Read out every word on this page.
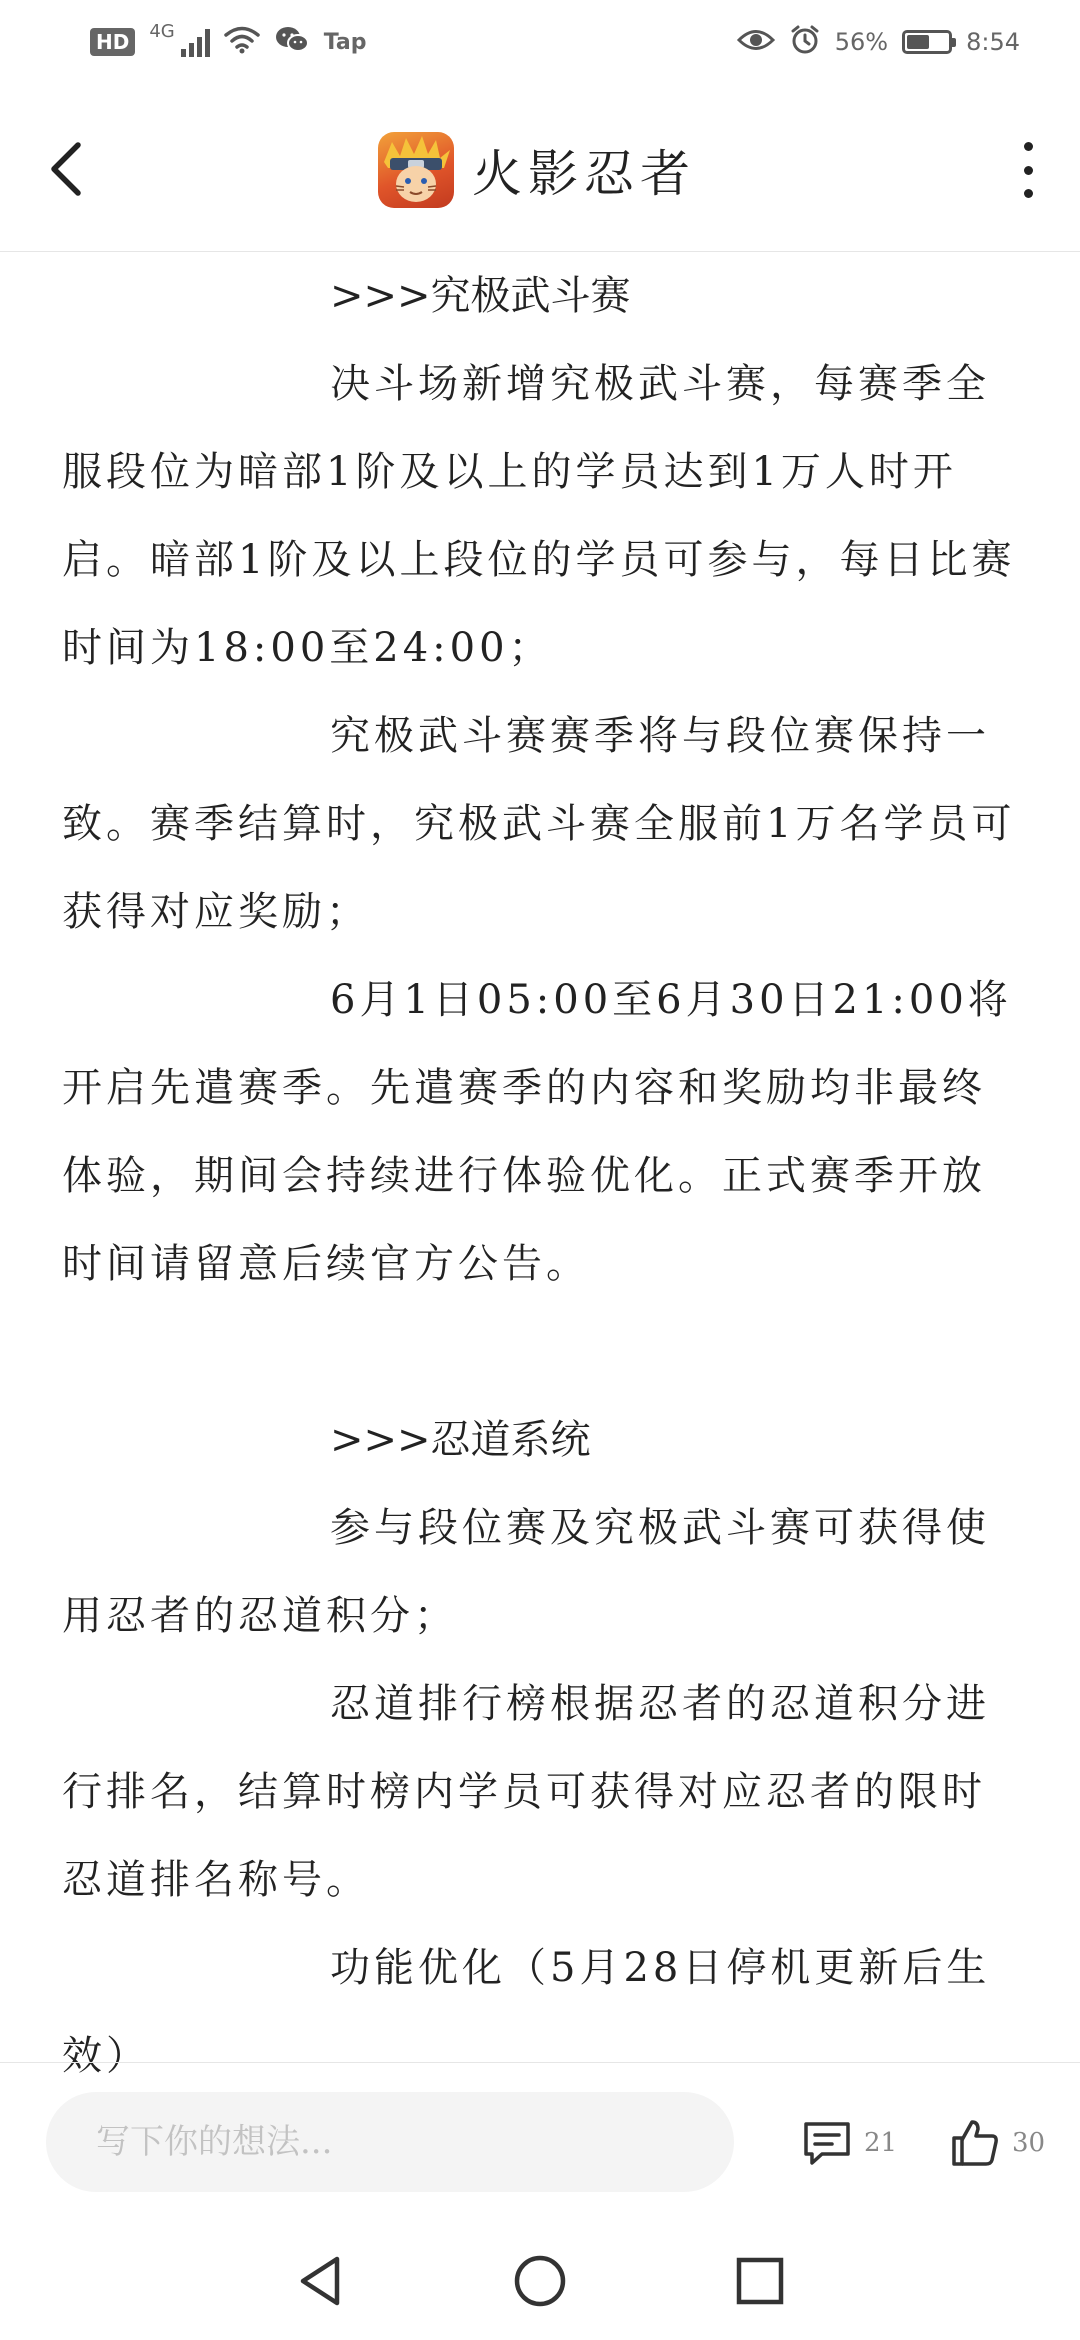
HD	4G	Tap	56%	8:54
火影忍者

>>>究极武斗赛

决斗场新增究极武斗赛，每赛季全服段位为暗部1阶及以上的学员达到1万人时开启。暗部1阶及以上段位的学员可参与，每日比赛时间为18:00至24:00；

究极武斗赛赛季将与段位赛保持一致。赛季结算时，究极武斗赛全服前1万名学员可获得对应奖励；

6月1日05:00至6月30日21:00将开启先遣赛季。先遣赛季的内容和奖励均非最终体验，期间会持续进行体验优化。正式赛季开放时间请留意后续官方公告。

>>>忍道系统

参与段位赛及究极武斗赛可获得使用忍者的忍道积分；

忍道排行榜根据忍者的忍道积分进行排名，结算时榜内学员可获得对应忍者的限时忍道排名称号。

功能优化（5月28日停机更新后生效）

写下你的想法...
21	30
